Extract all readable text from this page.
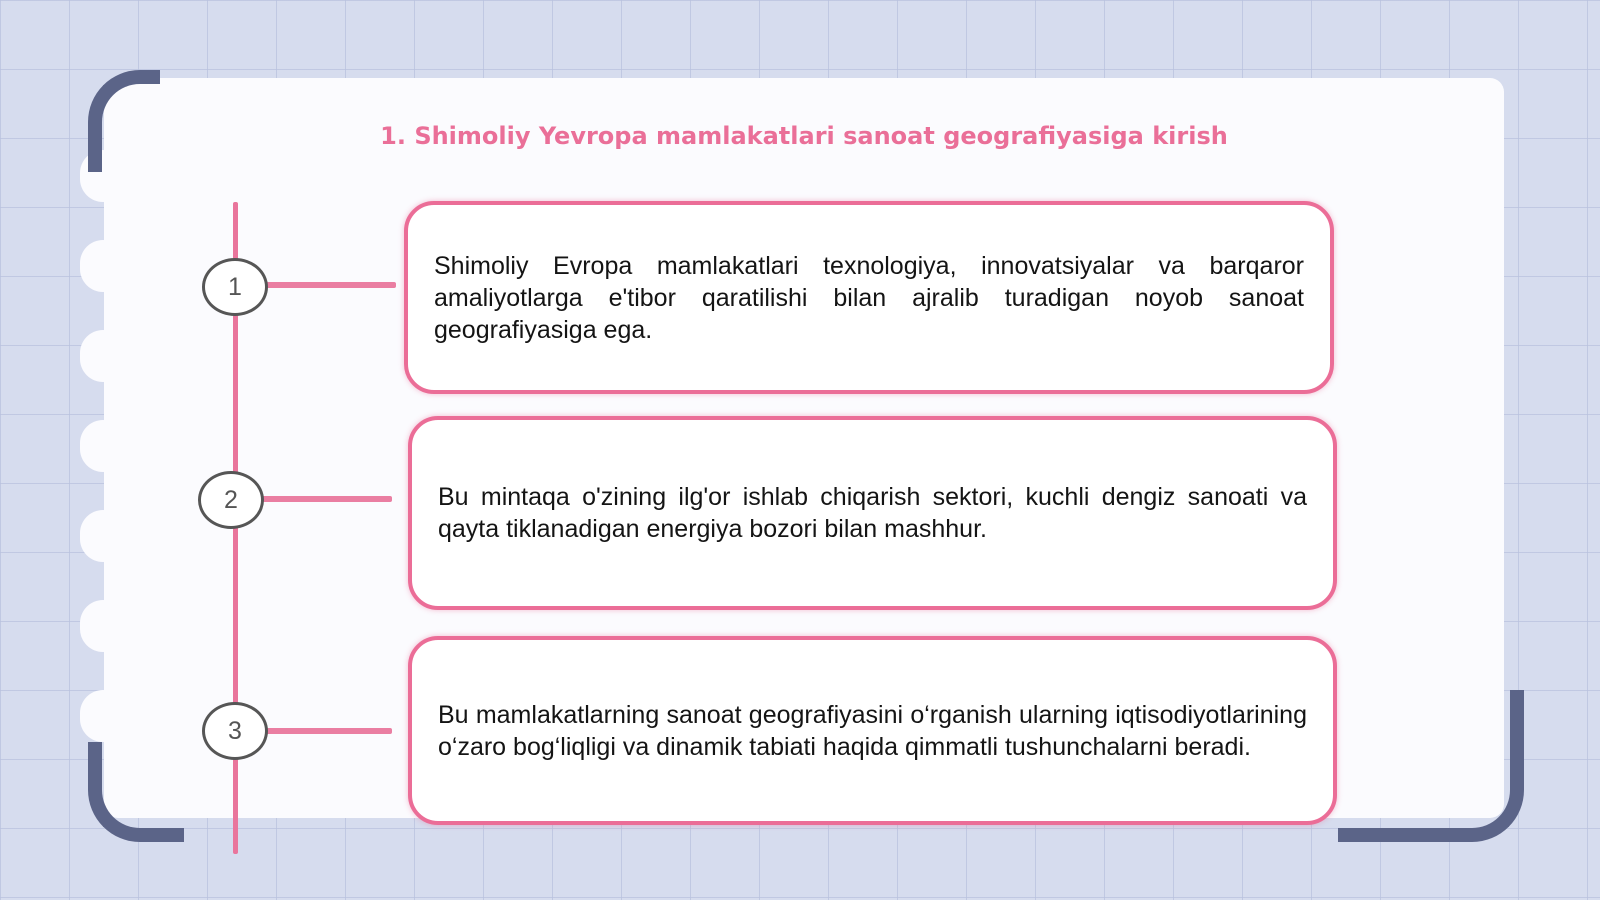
1. Shimoliy Yevropa mamlakatlari sanoat geografiyasiga kirish
1
2
3

Shimoliy Evropa mamlakatlari texnologiya, innovatsiyalar va barqaror amaliyotlarga e'tibor qaratilishi bilan ajralib turadigan noyob sanoat geografiyasiga ega.

Bu mintaqa o'zining ilg'or ishlab chiqarish sektori, kuchli dengiz sanoati va qayta tiklanadigan energiya bozori bilan mashhur.

Bu mamlakatlarning sanoat geografiyasini o‘rganish ularning iqtisodiyotlarining o‘zaro bog‘liqligi va dinamik tabiati haqida qimmatli tushunchalarni beradi.
